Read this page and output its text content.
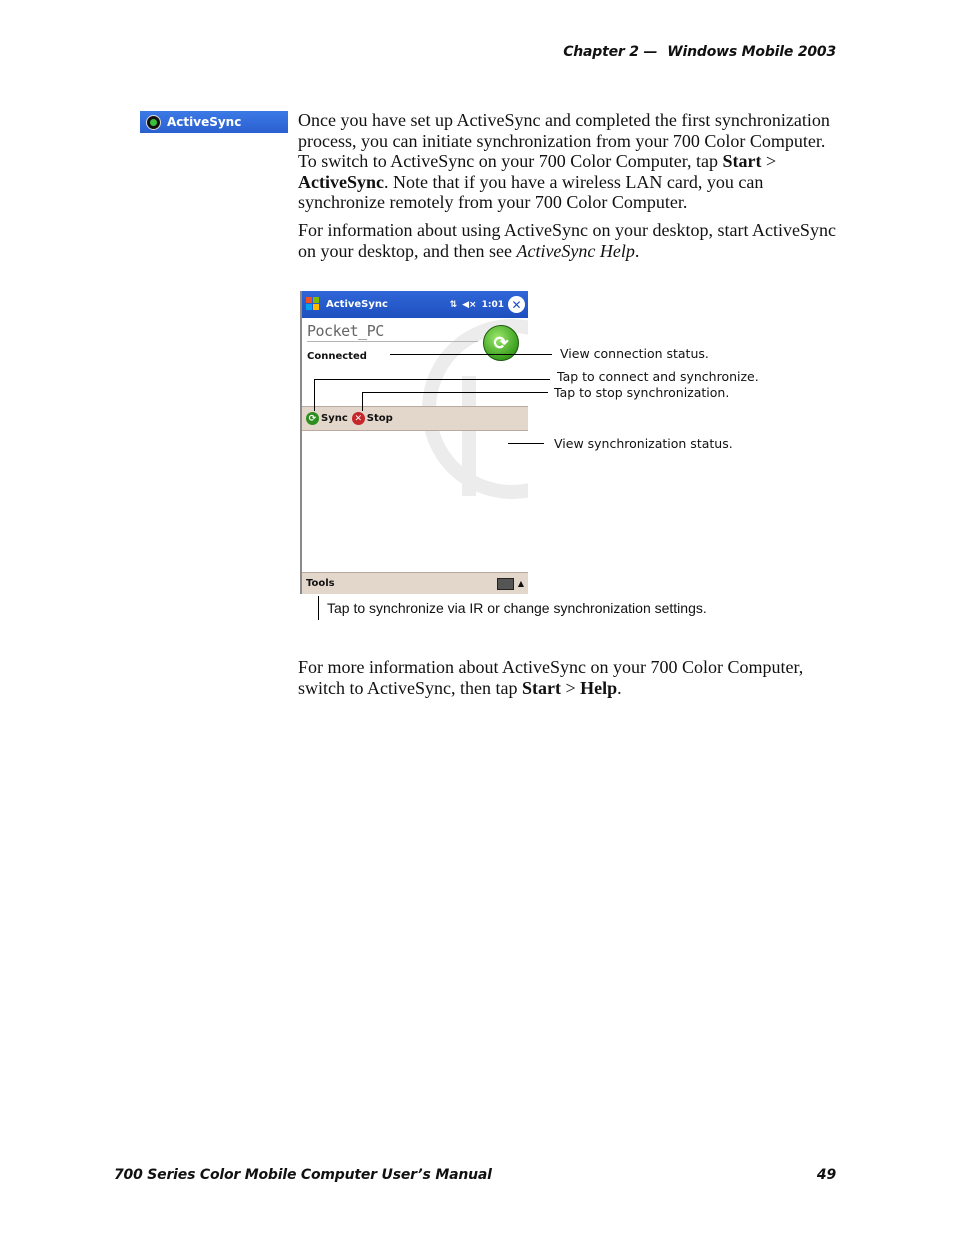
Chapter 2 — Windows Mobile 2003
ActiveSync	Once you have set up ActiveSync and completed the first synchronization process, you can initiate synchronization from your 700 Color Computer. To switch to ActiveSync on your 700 Color Computer, tap Start > ActiveSync. Note that if you have a wireless LAN card, you can synchronize remotely from your 700 Color Computer.

For information about using ActiveSync on your desktop, start ActiveSync on your desktop, and then see ActiveSync Help.

ActiveSync	⇅ ◀× 1:01 ✕
Pocket_PC
Connected
⟳
⟳ Sync ✕ Stop
Tools	▲
View connection status.
Tap to connect and synchronize.
Tap to stop synchronization.
View synchronization status.
Tap to synchronize via IR or change synchronization settings.

For more information about ActiveSync on your 700 Color Computer, switch to ActiveSync, then tap Start > Help.

700 Series Color Mobile Computer User’s Manual	49
